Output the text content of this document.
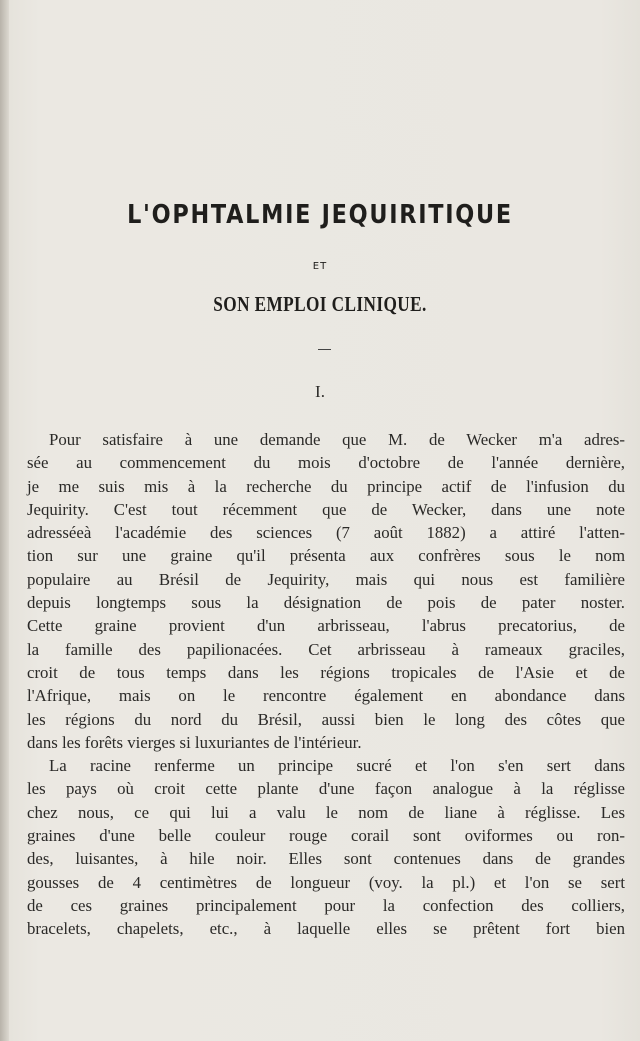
L'OPHTALMIE JEQUIRITIQUE
ET
SON EMPLOI CLINIQUE.
I.
Pour satisfaire à une demande que M. de Wecker m'a adres-
sée au commencement du mois d'octobre de l'année dernière,
je me suis mis à la recherche du principe actif de l'infusion du
Jequirity. C'est tout récemment que de Wecker, dans une note
adresséeà l'académie des sciences (7 août 1882) a attiré l'atten-
tion sur une graine qu'il présenta aux confrères sous le nom
populaire au Brésil de Jequirity, mais qui nous est familière
depuis longtemps sous la désignation de pois de pater noster.
Cette graine provient d'un arbrisseau, l'abrus precatorius, de
la famille des papilionacées. Cet arbrisseau à rameaux graciles,
croit de tous temps dans les régions tropicales de l'Asie et de
l'Afrique, mais on le rencontre également en abondance dans
les régions du nord du Brésil, aussi bien le long des côtes que
dans les forêts vierges si luxuriantes de l'intérieur.
La racine renferme un principe sucré et l'on s'en sert dans
les pays où croit cette plante d'une façon analogue à la réglisse
chez nous, ce qui lui a valu le nom de liane à réglisse. Les
graines d'une belle couleur rouge corail sont oviformes ou ron-
des, luisantes, à hile noir. Elles sont contenues dans de grandes
gousses de 4 centimètres de longueur (voy. la pl.) et l'on se sert
de ces graines principalement pour la confection des colliers,
bracelets, chapelets, etc., à laquelle elles se prêtent fort bien
